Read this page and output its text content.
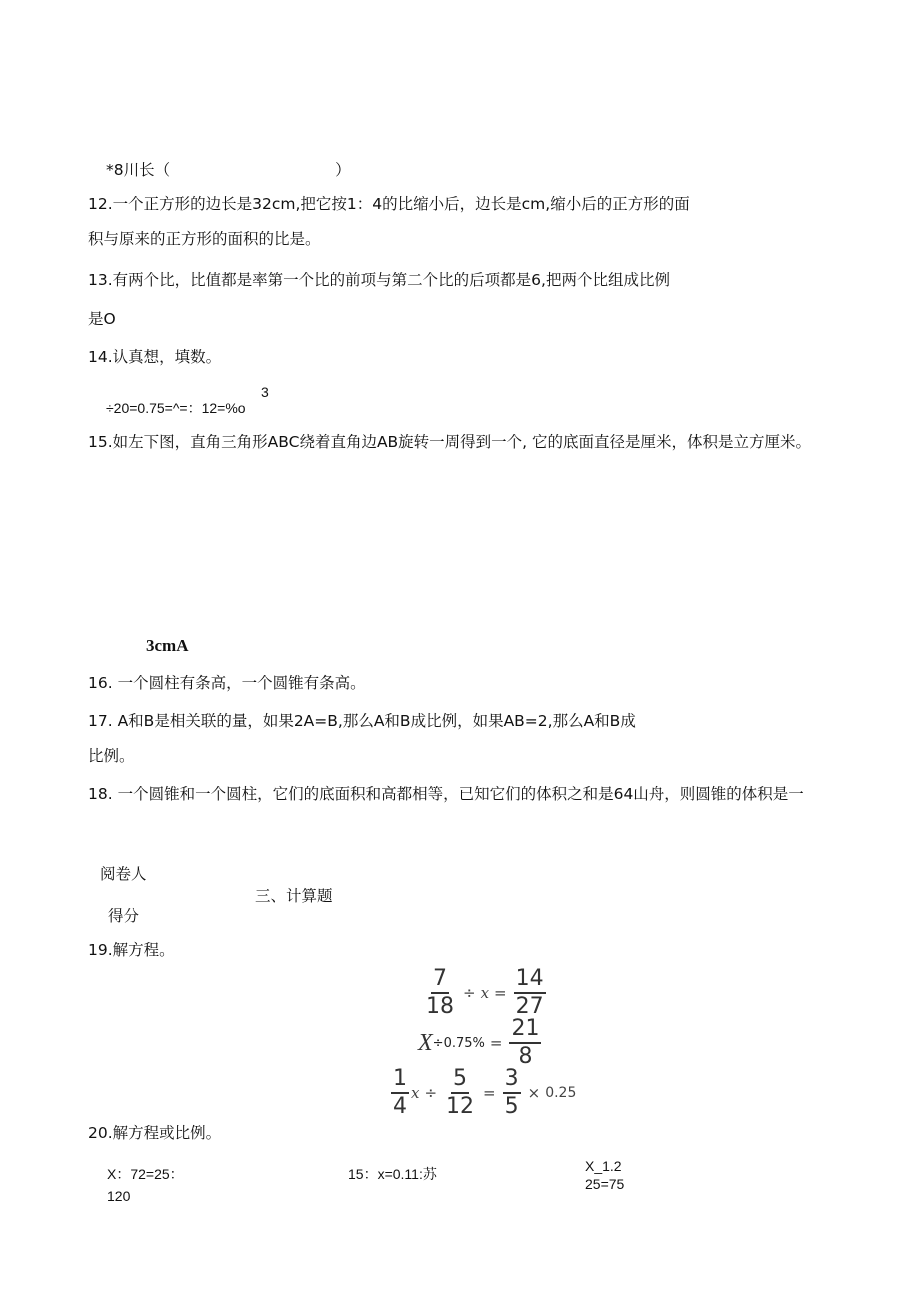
*8川长（	）
12.一个正方形的边长是32cm,把它按1：4的比缩小后，边长是cm,缩小后的正方形的面
积与原来的正方形的面积的比是。
13.有两个比，比值都是率第一个比的前项与第二个比的后项都是6,把两个比组成比例
是O
14.认真想，填数。
3
÷20=0.75=^=：12=%o
15.如左下图，直角三角形ABC绕着直角边AB旋转一周得到一个, 它的底面直径是厘米，体积是立方厘米。
3cmA
16. 一个圆柱有条高，一个圆锥有条高。
17. A和B是相关联的量，如果2A=B,那么A和B成比例，如果AB=2,那么A和B成
比例。
18. 一个圆锥和一个圆柱，它们的底面积和高都相等，已知它们的体积之和是64山舟，则圆锥的体积是一
阅卷人
三、计算题
得分
19.解方程。
$\frac{7}{18} \div x = \frac{14}{27}$
$X \div 0.75\% = \frac{21}{8}$
$\frac{1}{4}$ $x \div \frac{5}{12} = \frac{3}{5} \times 0.25$
20.解方程或比例。
X：72=25：
120
15：x=0.11:苏	X_1.2
25=75
